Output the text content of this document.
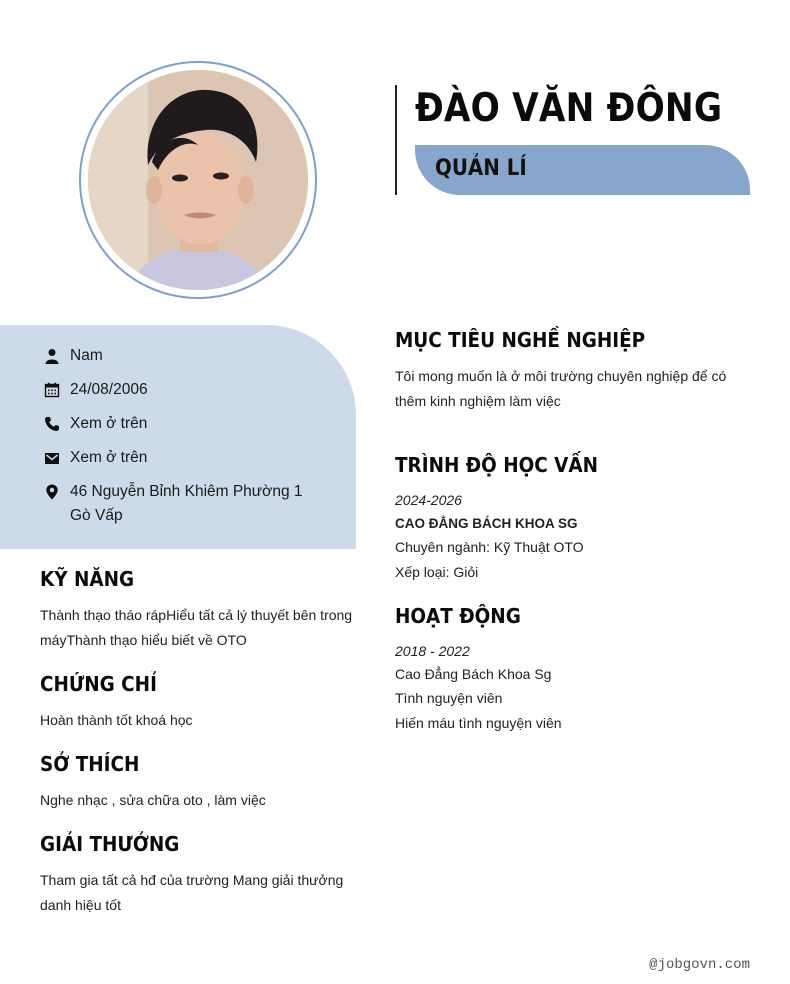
ĐÀO VĂN ĐÔNG
QUẢN LÍ
Nam
24/08/2006
Xem ở trên
Xem ở trên
46 Nguyễn Bỉnh Khiêm Phường 1
Gò Vấp
KỸ NĂNG
Thành thạo tháo rápHiểu tất cả lý thuyết bên trong
máyThành thạo hiểu biết về OTO
CHỨNG CHỈ
Hoàn thành tốt khoá học
SỞ THÍCH
Nghe nhạc , sửa chữa oto , làm việc
GIẢI THƯỞNG
Tham gia tất cả hđ của trường Mang giải thưởng
danh hiệu tốt
MỤC TIÊU NGHỀ NGHIỆP
Tôi mong muốn là ở môi trường chuyên nghiệp để có
thêm kinh nghiệm làm việc
TRÌNH ĐỘ HỌC VẤN
2024-2026
CAO ĐẲNG BÁCH KHOA SG
Chuyên ngành: Kỹ Thuật OTO
Xếp loại: Giỏi
HOẠT ĐỘNG
2018 - 2022
Cao Đẳng Bách Khoa Sg
Tình nguyện viên
Hiến máu tình nguyện viên
@jobgovn.com
